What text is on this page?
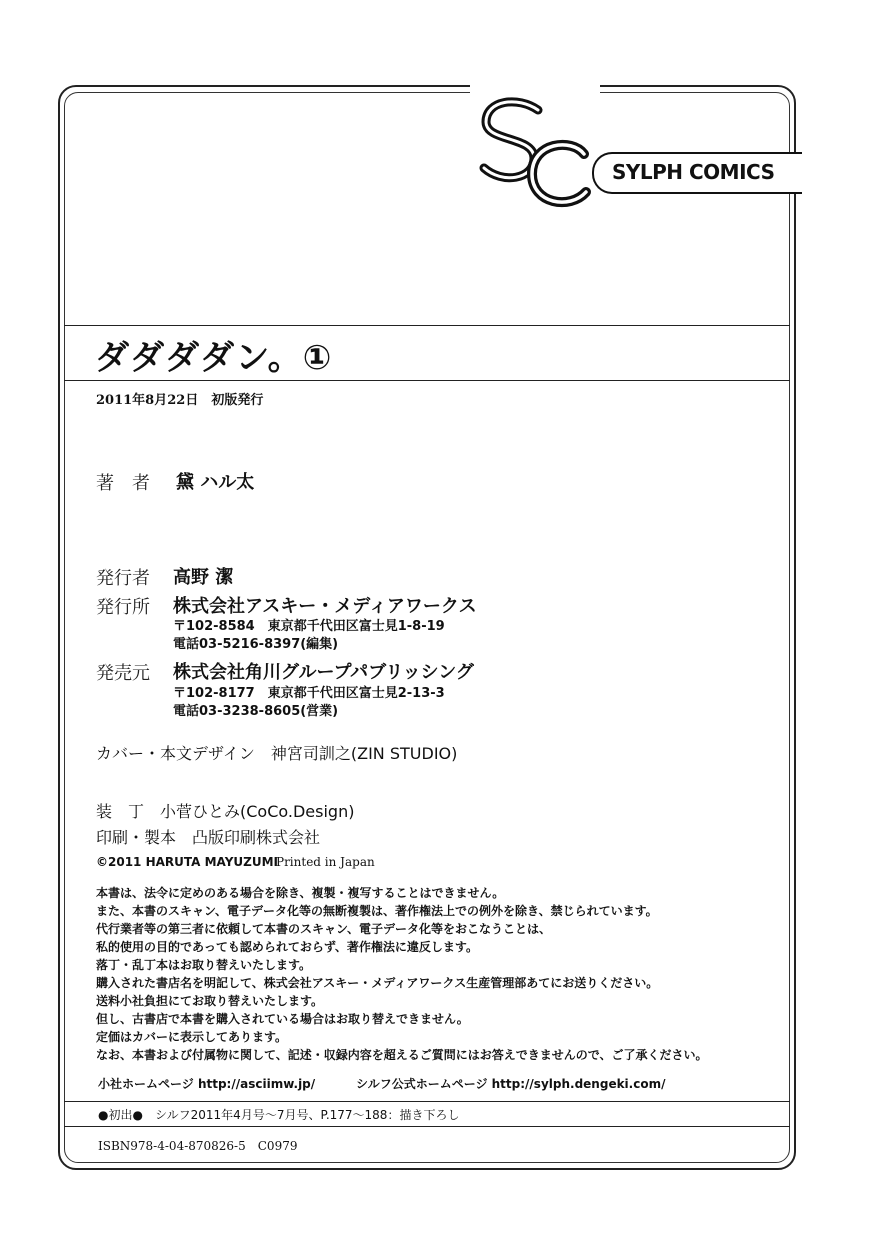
SYLPH COMICS
ダダダダン。①
2011年8月22日　初版発行
著　者 黛 ハル太
発行者 高野 潔
発行所 株式会社アスキー・メディアワークス
〒102-8584　東京都千代田区富士見1-8-19
電話03-5216-8397(編集)
発売元 株式会社角川グループパブリッシング
〒102-8177　東京都千代田区富士見2-13-3
電話03-3238-8605(営業)
カバー・本文デザイン　神宮司訓之(ZIN STUDIO)
装　丁　小菅ひとみ(CoCo.Design)
印刷・製本　凸版印刷株式会社
©2011 HARUTA MAYUZUMI
Printed in Japan
本書は、法令に定めのある場合を除き、複製・複写することはできません。
また、本書のスキャン、電子データ化等の無断複製は、著作権法上での例外を除き、禁じられています。
代行業者等の第三者に依頼して本書のスキャン、電子データ化等をおこなうことは、
私的使用の目的であっても認められておらず、著作権法に違反します。
落丁・乱丁本はお取り替えいたします。
購入された書店名を明記して、株式会社アスキー・メディアワークス生産管理部あてにお送りください。
送料小社負担にてお取り替えいたします。
但し、古書店で本書を購入されている場合はお取り替えできません。
定価はカバーに表示してあります。
なお、本書および付属物に関して、記述・収録内容を超えるご質問にはお答えできませんので、ご了承ください。
小社ホームページ http://asciimw.jp/	シルフ公式ホームページ http://sylph.dengeki.com/
●初出●　シルフ2011年4月号～7月号、P.177～188：描き下ろし
ISBN978-4-04-870826-5　C0979
